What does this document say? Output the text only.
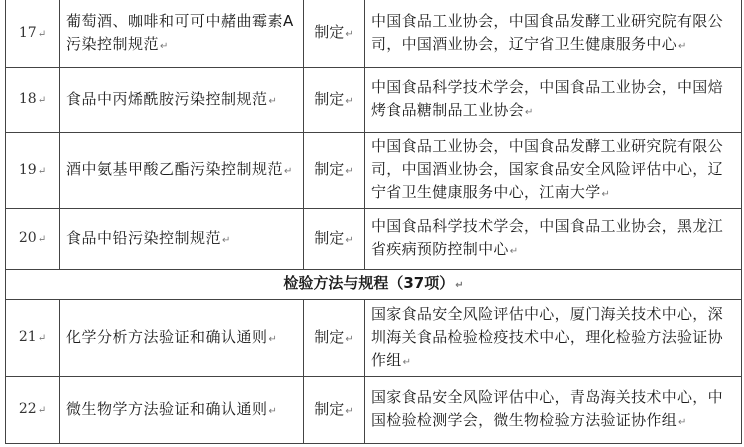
17↵	葡萄酒、咖啡和可可中赭曲霉素A污染控制规范↵	制定↵	中国食品工业协会，中国食品发酵工业研究院有限公司，中国酒业协会，辽宁省卫生健康服务中心↵
18↵	食品中丙烯酰胺污染控制规范↵	制定↵	中国食品科学技术学会，中国食品工业协会，中国焙烤食品糖制品工业协会↵
19↵	酒中氨基甲酸乙酯污染控制规范↵	制定↵	中国食品工业协会，中国食品发酵工业研究院有限公司，中国酒业协会，国家食品安全风险评估中心，辽宁省卫生健康服务中心，江南大学↵
20↵	食品中铅污染控制规范↵	制定↵	中国食品科学技术学会，中国食品工业协会，黑龙江省疾病预防控制中心↵
检验方法与规程（37项）↵			
21↵	化学分析方法验证和确认通则↵	制定↵	国家食品安全风险评估中心，厦门海关技术中心，深圳海关食品检验检疫技术中心，理化检验方法验证协作组↵
22↵	微生物学方法验证和确认通则↵	制定↵	国家食品安全风险评估中心，青岛海关技术中心，中国检验检测学会，微生物检验方法验证协作组↵
